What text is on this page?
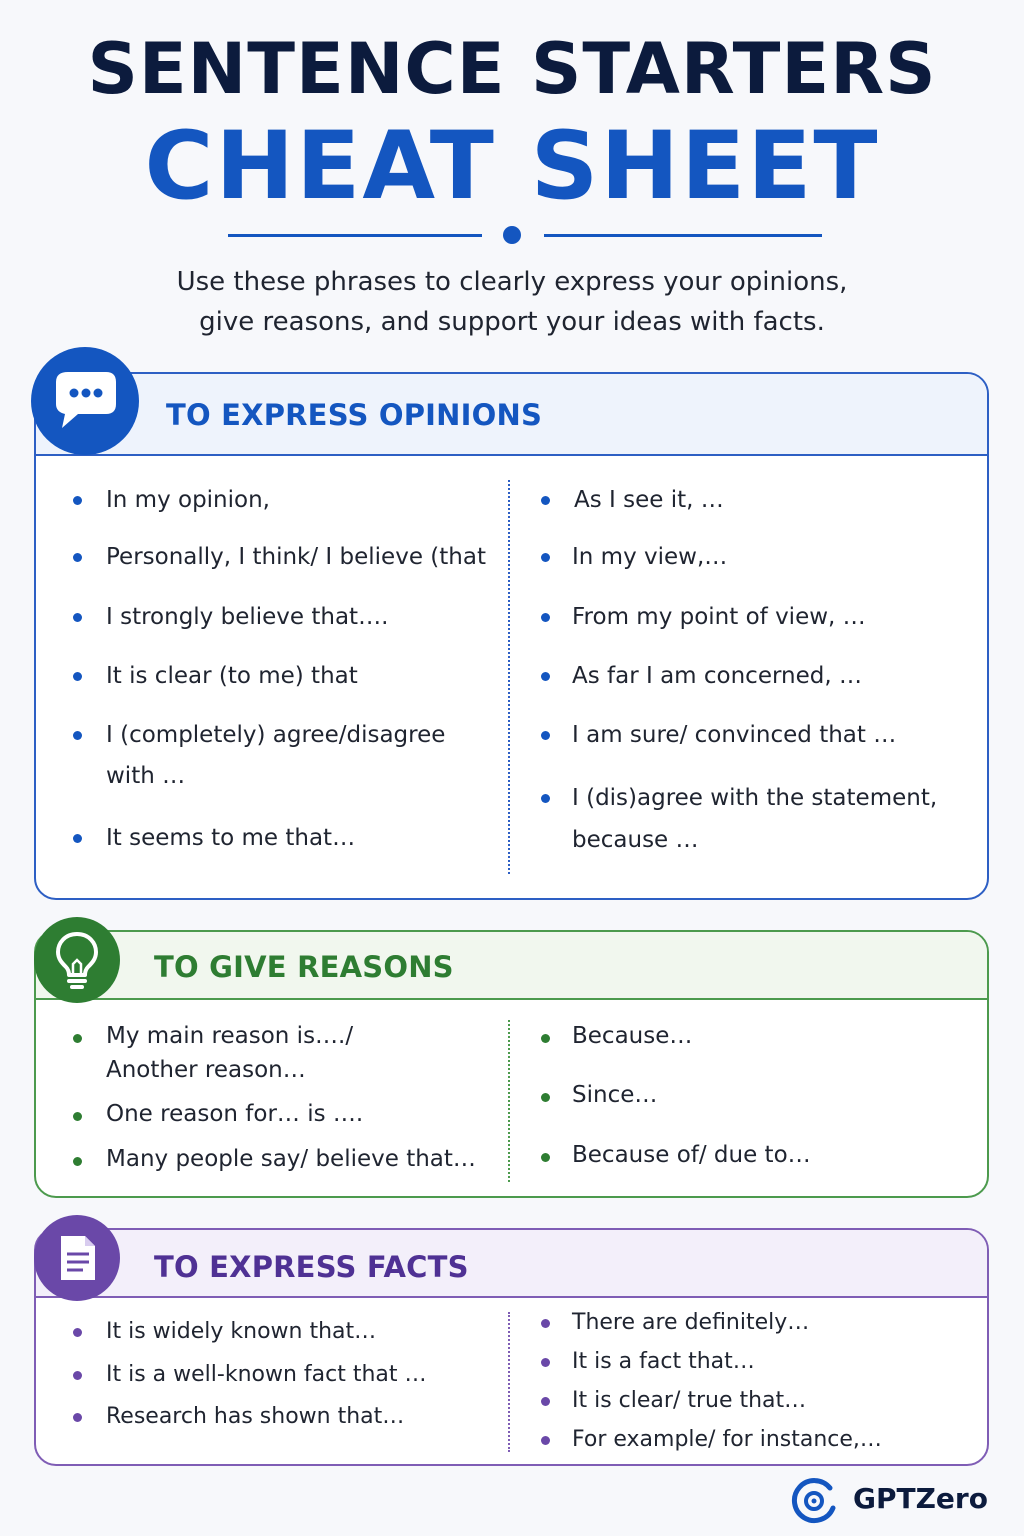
SENTENCE STARTERS
CHEAT SHEET
Use these phrases to clearly express your opinions,
give reasons, and support your ideas with facts.
TO EXPRESS OPINIONS
In my opinion,
Personally, I think/ I believe (that
I strongly believe that….
It is clear (to me) that
I (completely) agree/disagree
with …
It seems to me that…
As I see it, …
In my view,…
From my point of view, …
As far I am concerned, …
I am sure/ convinced that …
I (dis)agree with the statement,
because …
TO GIVE REASONS
My main reason is…./
Another reason…
One reason for… is ….
Many people say/ believe that…
Because…
Since…
Because of/ due to…
TO EXPRESS FACTS
It is widely known that…
It is a well-known fact that …
Research has shown that…
There are definitely…
It is a fact that…
It is clear/ true that…
For example/ for instance,…
GPTZero
